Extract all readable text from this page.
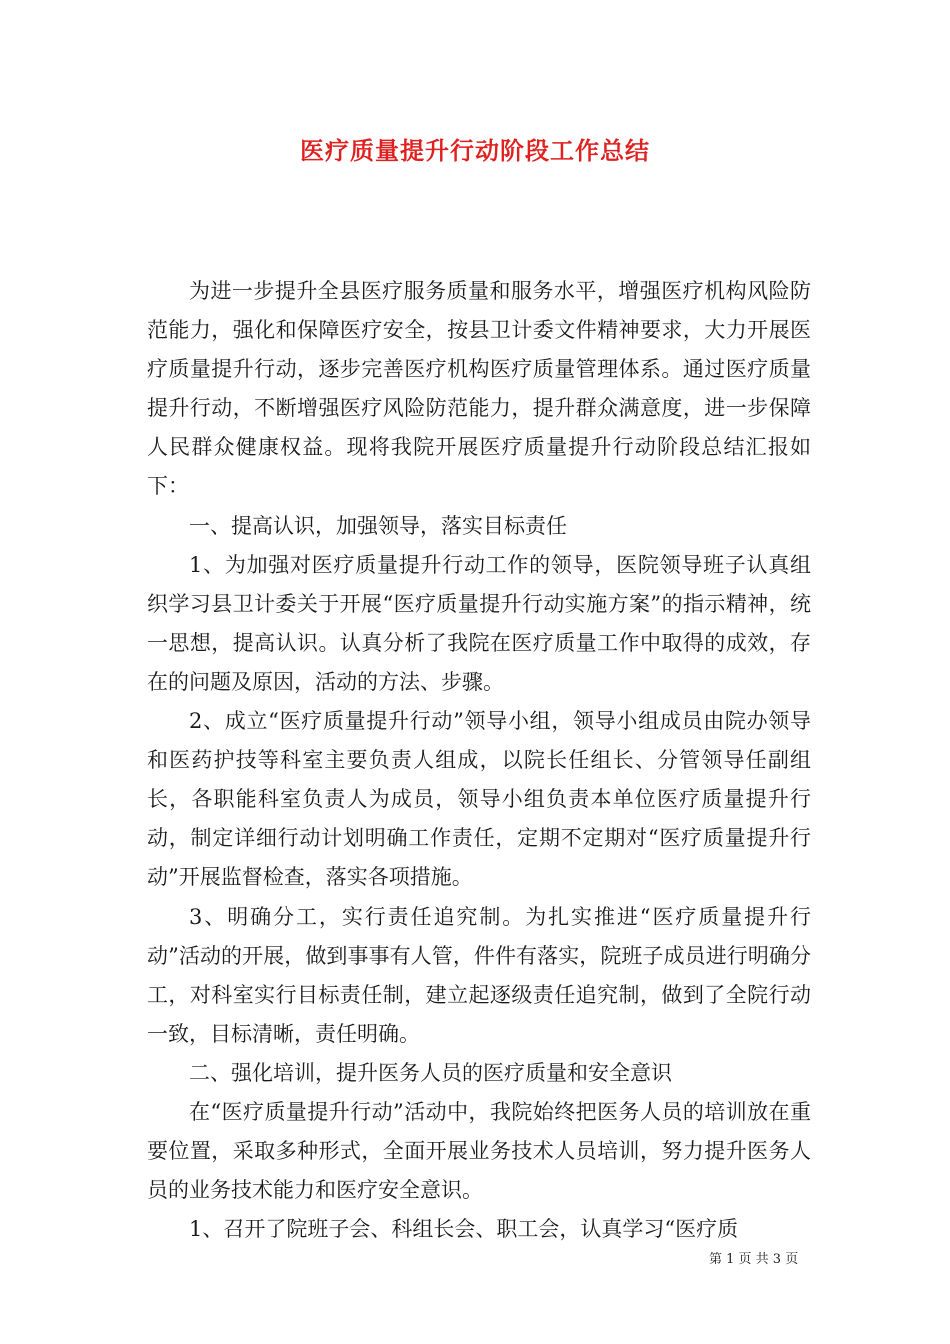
医疗质量提升行动阶段工作总结

为进一步提升全县医疗服务质量和服务水平，增强医疗机构风险防范能力，强化和保障医疗安全，按县卫计委文件精神要求，大力开展医疗质量提升行动，逐步完善医疗机构医疗质量管理体系。通过医疗质量提升行动，不断增强医疗风险防范能力，提升群众满意度，进一步保障人民群众健康权益。现将我院开展医疗质量提升行动阶段总结汇报如下：

一、提高认识，加强领导，落实目标责任

1、为加强对医疗质量提升行动工作的领导，医院领导班子认真组织学习县卫计委关于开展“医疗质量提升行动实施方案”的指示精神，统一思想，提高认识。认真分析了我院在医疗质量工作中取得的成效，存在的问题及原因，活动的方法、步骤。

2、成立“医疗质量提升行动”领导小组，领导小组成员由院办领导和医药护技等科室主要负责人组成，以院长任组长、分管领导任副组长，各职能科室负责人为成员，领导小组负责本单位医疗质量提升行动，制定详细行动计划明确工作责任，定期不定期对“医疗质量提升行动”开展监督检查，落实各项措施。

3、明确分工，实行责任追究制。为扎实推进“医疗质量提升行动”活动的开展，做到事事有人管，件件有落实，院班子成员进行明确分工，对科室实行目标责任制，建立起逐级责任追究制，做到了全院行动一致，目标清晰，责任明确。

二、强化培训，提升医务人员的医疗质量和安全意识

在“医疗质量提升行动”活动中，我院始终把医务人员的培训放在重要位置，采取多种形式，全面开展业务技术人员培训，努力提升医务人员的业务技术能力和医疗安全意识。

1、召开了院班子会、科组长会、职工会，认真学习“医疗质

第 1 页 共 3 页
